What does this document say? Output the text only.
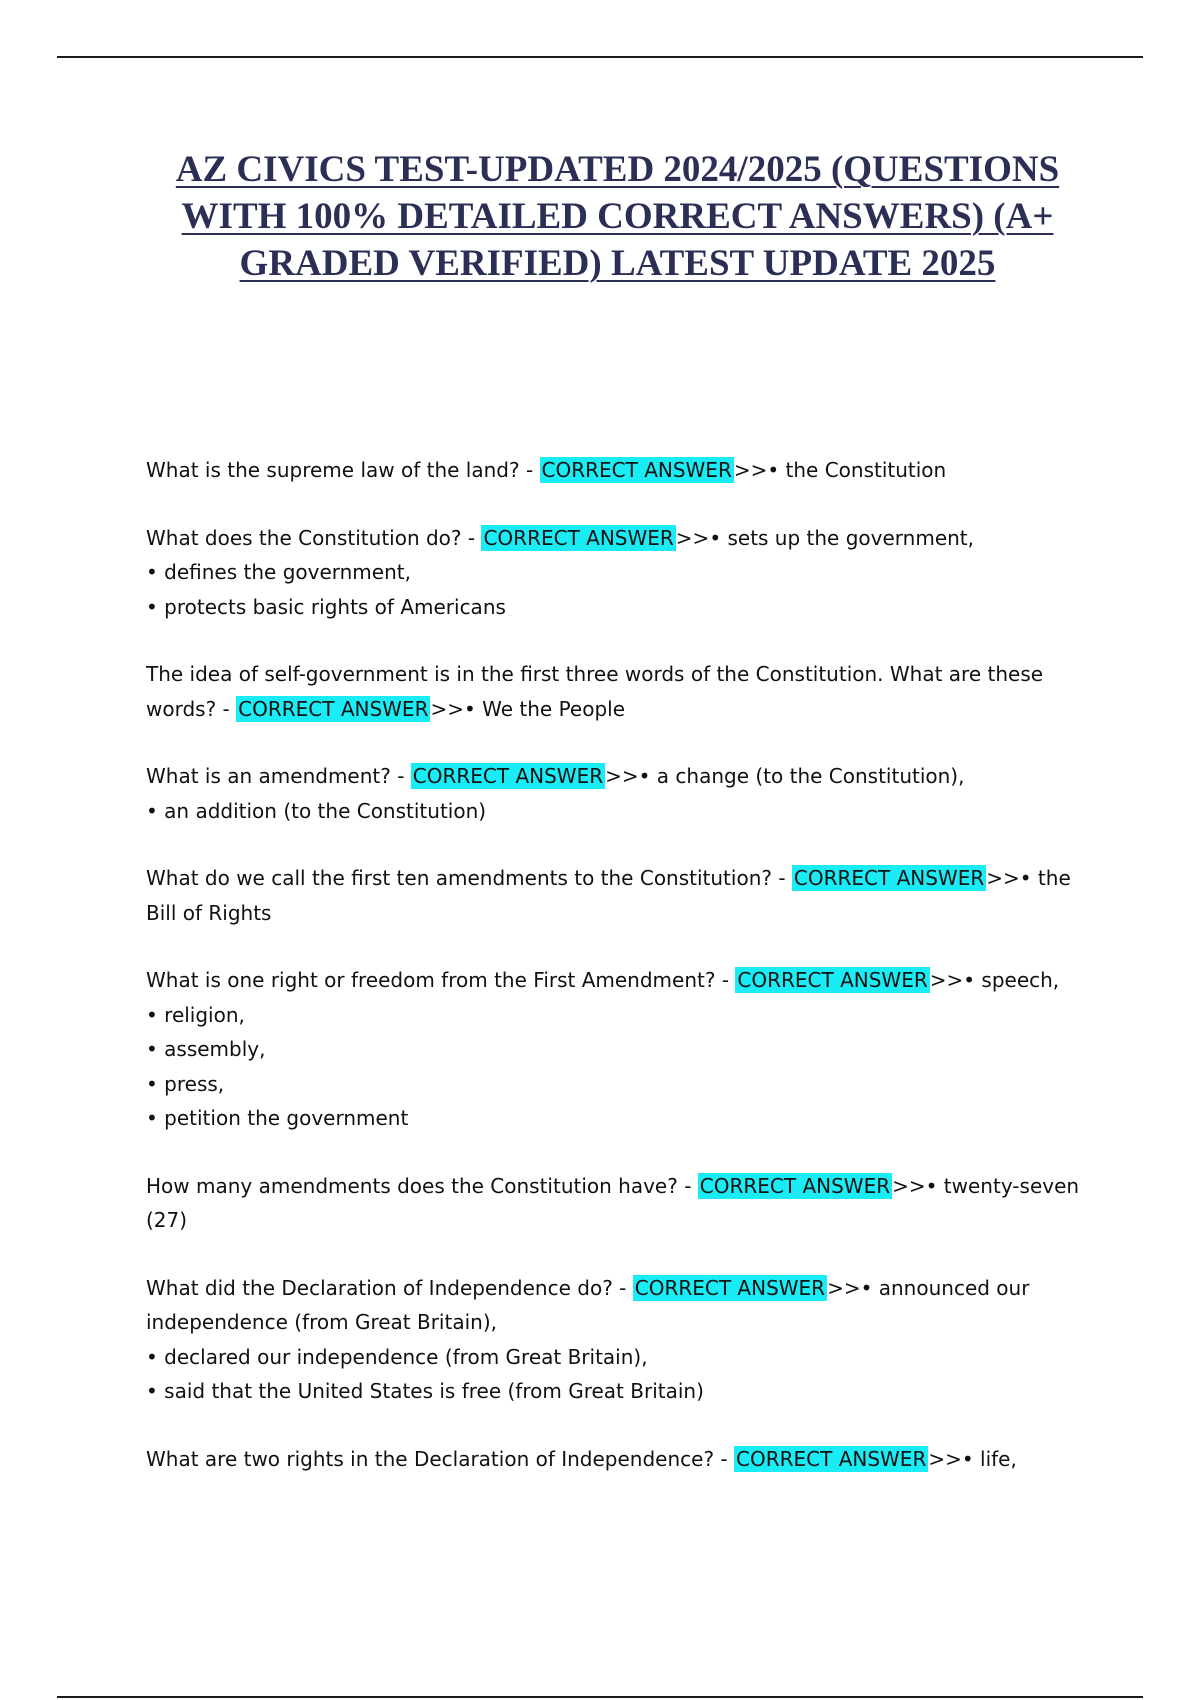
AZ CIVICS TEST-UPDATED 2024/2025 (QUESTIONS WITH 100% DETAILED CORRECT ANSWERS) (A+ GRADED VERIFIED) LATEST UPDATE 2025

What is the supreme law of the land? - CORRECT ANSWER >>• the Constitution

What does the Constitution do? - CORRECT ANSWER >>• sets up the government,

• defines the government,

• protects basic rights of Americans

The idea of self-government is in the first three words of the Constitution. What are these words? - CORRECT ANSWER >>• We the People

What is an amendment? - CORRECT ANSWER >>• a change (to the Constitution),

• an addition (to the Constitution)

What do we call the first ten amendments to the Constitution? - CORRECT ANSWER >>• the Bill of Rights

What is one right or freedom from the First Amendment? - CORRECT ANSWER >>• speech,

• religion,

• assembly,

• press,

• petition the government

How many amendments does the Constitution have? - CORRECT ANSWER >>• twenty-seven (27)

What did the Declaration of Independence do? - CORRECT ANSWER >>• announced our independence (from Great Britain),

• declared our independence (from Great Britain),

• said that the United States is free (from Great Britain)

What are two rights in the Declaration of Independence? - CORRECT ANSWER >>• life,
